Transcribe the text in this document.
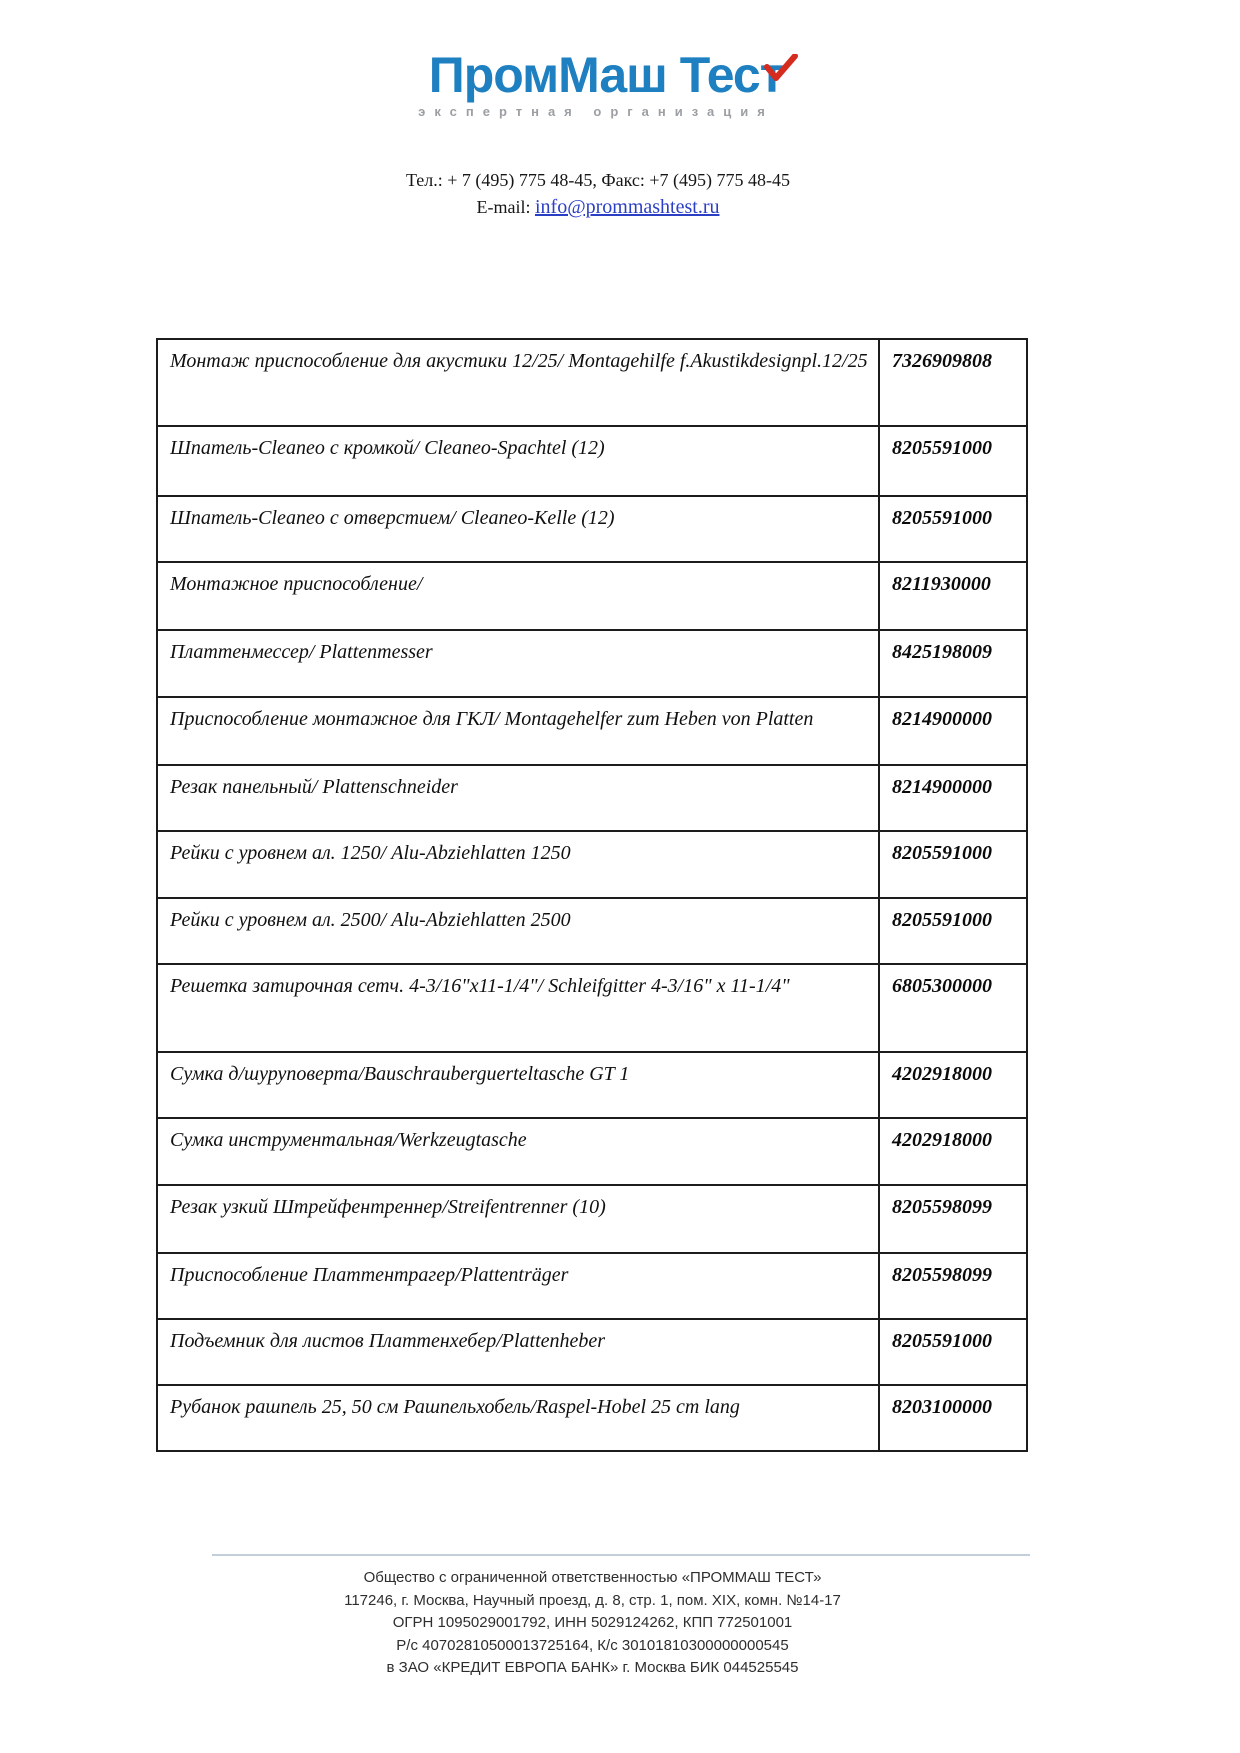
ПромМаш Тест
экспертная организация
Тел.: + 7 (495) 775 48-45, Факс: +7 (495) 775 48-45
E-mail: info@prommashtest.ru
Монтаж приспособление для акустики 12/25/ Montagehilfe f.Akustikdesignpl.12/25	7326909808
Шпатель-Cleaneo с кромкой/ Cleaneo-Spachtel (12)	8205591000
Шпатель-Cleaneo с отверстием/ Cleaneo-Kelle (12)	8205591000
Монтажное приспособление/	8211930000
Платтенмессер/ Plattenmesser	8425198009
Приспособление монтажное для ГКЛ/ Montagehelfer zum Heben von Platten	8214900000
Резак панельный/ Plattenschneider	8214900000
Рейки с уровнем ал. 1250/ Alu-Abziehlatten 1250	8205591000
Рейки с уровнем ал. 2500/ Alu-Abziehlatten 2500	8205591000
Решетка затирочная сетч. 4-3/16"x11-1/4"/ Schleifgitter 4-3/16" x 11-1/4"	6805300000
Сумка д/шуруповерта/Bauschrauberguerteltasche GT 1	4202918000
Сумка инструментальная/Werkzeugtasche	4202918000
Резак узкий Штрейфентреннер/Streifentrenner (10)	8205598099
Приспособление Платтентрагер/Plattenträger	8205598099
Подъемник для листов Платтенхебер/Plattenheber	8205591000
Рубанок рашпель 25, 50 см Рашпельхобель/Raspel-Hobel 25 cm lang	8203100000
Общество с ограниченной ответственностью «ПРОММАШ ТЕСТ»
117246, г. Москва, Научный проезд, д. 8, стр. 1, пом. XIX, комн. №14-17
ОГРН 1095029001792, ИНН 5029124262, КПП 772501001
Р/с 40702810500013725164, К/с 30101810300000000545
в ЗАО «КРЕДИТ ЕВРОПА БАНК» г. Москва БИК 044525545
